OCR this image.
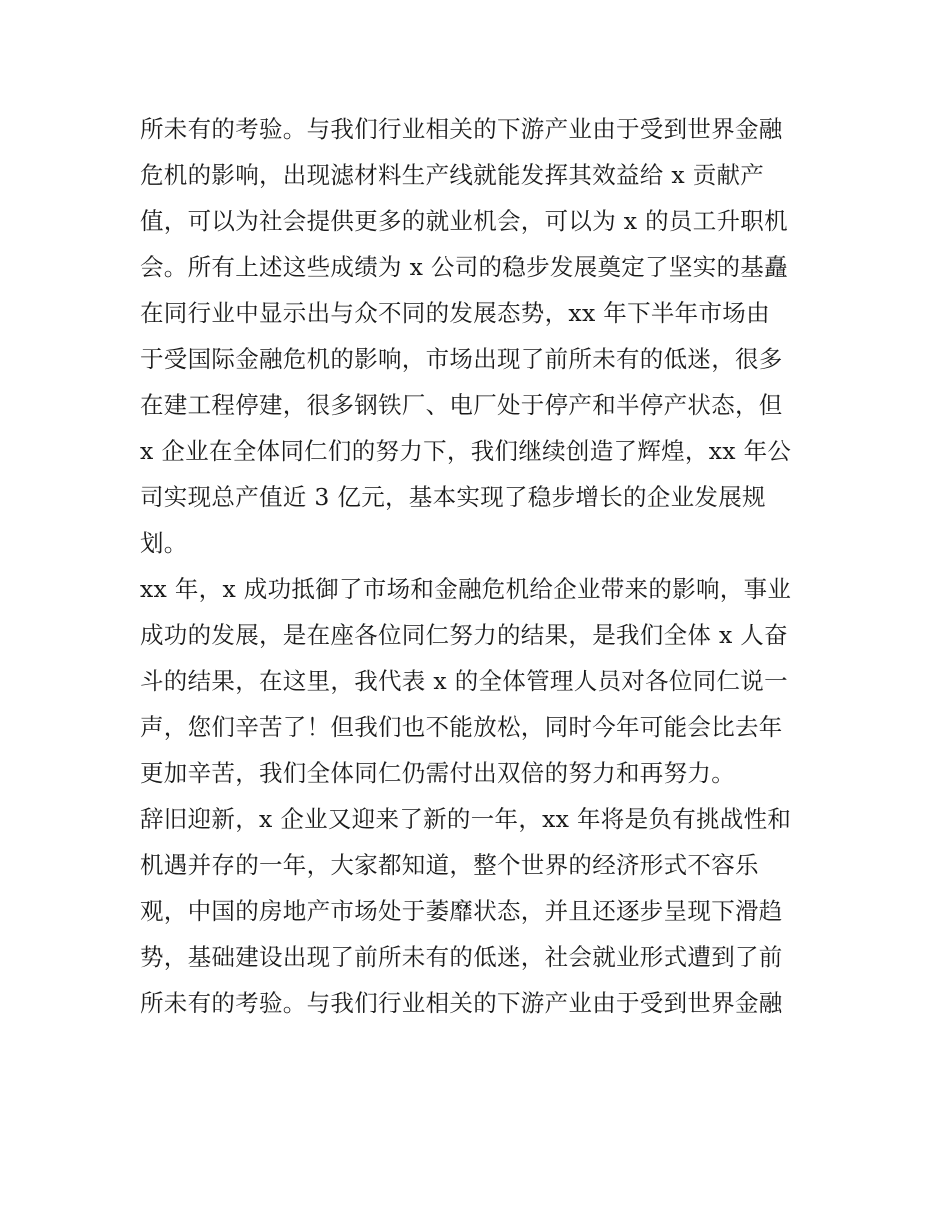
所未有的考验。与我们行业相关的下游产业由于受到世界金融
危机的影响，出现滤材料生产线就能发挥其效益给 x 贡献产
值，可以为社会提供更多的就业机会，可以为 x 的员工升职机
会。所有上述这些成绩为 x 公司的稳步发展奠定了坚实的基矗
在同行业中显示出与众不同的发展态势，xx 年下半年市场由
于受国际金融危机的影响，市场出现了前所未有的低迷，很多
在建工程停建，很多钢铁厂、电厂处于停产和半停产状态，但
x 企业在全体同仁们的努力下，我们继续创造了辉煌，xx 年公
司实现总产值近 3 亿元，基本实现了稳步增长的企业发展规
划。
xx 年，x 成功抵御了市场和金融危机给企业带来的影响，事业
成功的发展，是在座各位同仁努力的结果，是我们全体 x 人奋
斗的结果，在这里，我代表 x 的全体管理人员对各位同仁说一
声，您们辛苦了！但我们也不能放松，同时今年可能会比去年
更加辛苦，我们全体同仁仍需付出双倍的努力和再努力。
辞旧迎新，x 企业又迎来了新的一年，xx 年将是负有挑战性和
机遇并存的一年，大家都知道，整个世界的经济形式不容乐
观，中国的房地产市场处于萎靡状态，并且还逐步呈现下滑趋
势，基础建设出现了前所未有的低迷，社会就业形式遭到了前
所未有的考验。与我们行业相关的下游产业由于受到世界金融
